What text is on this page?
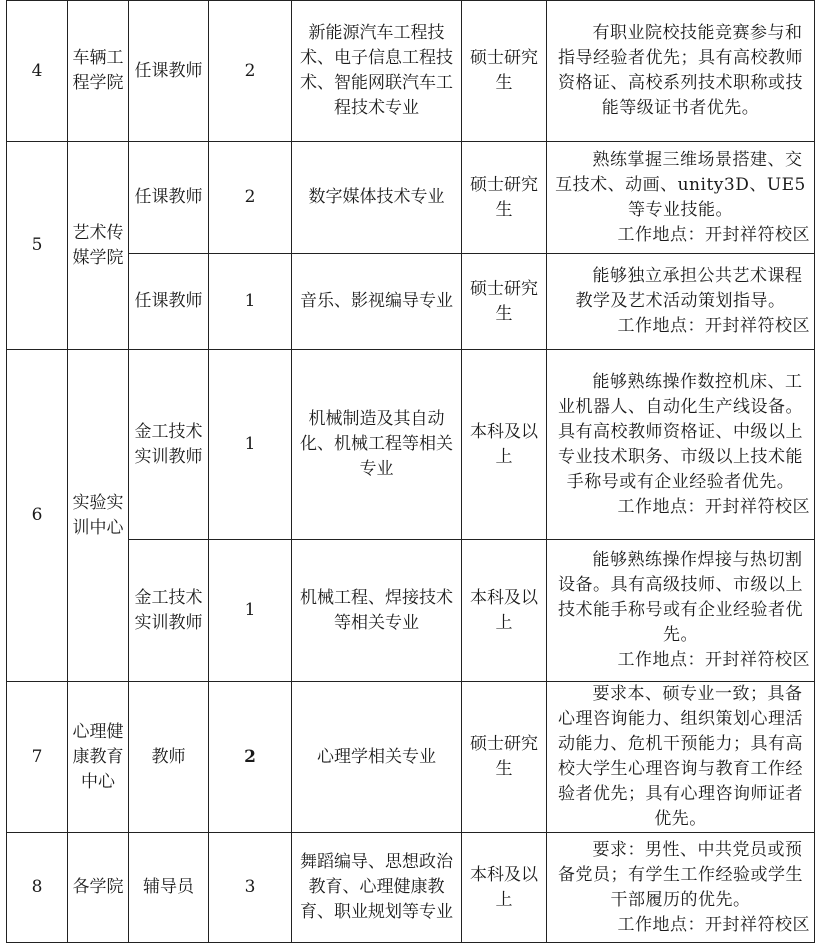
4	车辆工程学院	任课教师	2	新能源汽车工程技术、电子信息工程技术、智能网联汽车工程技术专业	硕士研究生	有职业院校技能竞赛参与和指导经验者优先；具有高校教师资格证、高校系列技术职称或技能等级证书者优先。
5	艺术传媒学院	任课教师	2	数字媒体技术专业	硕士研究生	熟练掌握三维场景搭建、交互技术、动画、unity3D、UE5 等专业技能。
工作地点：开封祥符校区

		任课教师	1	音乐、影视编导专业	硕士研究生	能够独立承担公共艺术课程教学及艺术活动策划指导。
工作地点：开封祥符校区

6	实验实训中心	金工技术实训教师	1	机械制造及其自动化、机械工程等相关专业	本科及以上	能够熟练操作数控机床、工业机器人、自动化生产线设备。具有高校教师资格证、中级以上专业技术职务、市级以上技术能手称号或有企业经验者优先。
工作地点：开封祥符校区

		金工技术实训教师	1	机械工程、焊接技术等相关专业	本科及以上	能够熟练操作焊接与热切割设备。具有高级技师、市级以上技术能手称号或有企业经验者优先。
工作地点：开封祥符校区

7	心理健康教育中心	教师	2	心理学相关专业	硕士研究生	要求本、硕专业一致；具备心理咨询能力、组织策划心理活动能力、危机干预能力；具有高校大学生心理咨询与教育工作经验者优先；具有心理咨询师证者优先。
8	各学院	辅导员	3	舞蹈编导、思想政治教育、心理健康教育、职业规划等专业	本科及以上	要求：男性、中共党员或预备党员；有学生工作经验或学生干部履历的优先。
工作地点：开封祥符校区
